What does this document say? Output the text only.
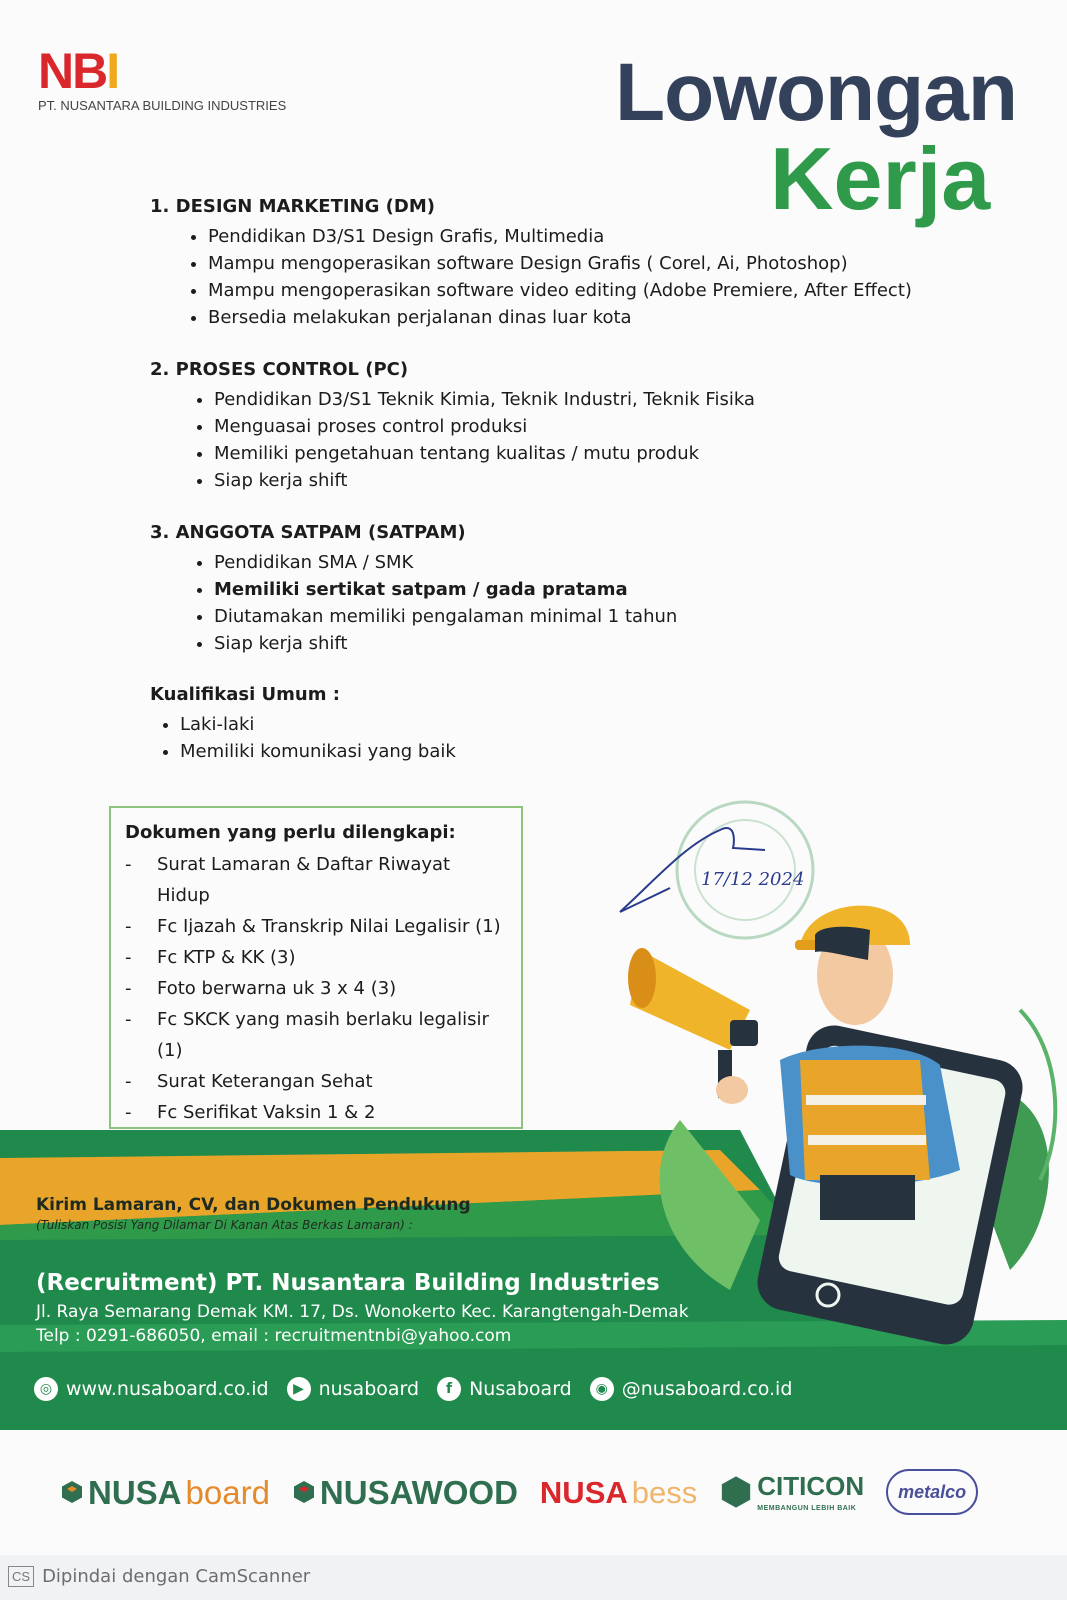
NBI
PT. NUSANTARA BUILDING INDUSTRIES	Lowongan
Kerja
1. DESIGN MARKETING (DM)
• Pendidikan D3/S1 Design Grafis, Multimedia
• Mampu mengoperasikan software Design Grafis ( Corel, Ai, Photoshop)
• Mampu mengoperasikan software video editing (Adobe Premiere, After Effect)
• Bersedia melakukan perjalanan dinas luar kota
2. PROSES CONTROL (PC)
• Pendidikan D3/S1 Teknik Kimia, Teknik Industri, Teknik Fisika
• Menguasai proses control produksi
• Memiliki pengetahuan tentang kualitas / mutu produk
• Siap kerja shift
3. ANGGOTA SATPAM (SATPAM)
• Pendidikan SMA / SMK
• Memiliki sertikat satpam / gada pratama
• Diutamakan memiliki pengalaman minimal 1 tahun
• Siap kerja shift
Kualifikasi Umum :
• Laki-laki
• Memiliki komunikasi yang baik
Dokumen yang perlu dilengkapi:
- Surat Lamaran & Daftar Riwayat Hidup
- Fc Ijazah & Transkrip Nilai Legalisir (1)
- Fc KTP & KK (3)
- Foto berwarna uk 3 x 4 (3)
- Fc SKCK yang masih berlaku legalisir (1)
- Surat Keterangan Sehat
- Fc Serifikat Vaksin 1 & 2
-
17/12 2024
Kirim Lamaran, CV, dan Dokumen Pendukung
(Tuliskan Posisi Yang Dilamar Di Kanan Atas Berkas Lamaran) :
(Recruitment) PT. Nusantara Building Industries
Jl. Raya Semarang Demak KM. 17, Ds. Wonokerto Kec. Karangtengah-Demak
Telp : 0291-686050, email : recruitmentnbi@yahoo.com
◎ www.nusaboard.co.id	▶ nusaboard	f Nusaboard	◉ @nusaboard.co.id
NUSA board NUSAWOOD NUSA bess CITICON
MEMBANGUN LEBIH BAIK
metalco
CS Dipindai dengan CamScanner
